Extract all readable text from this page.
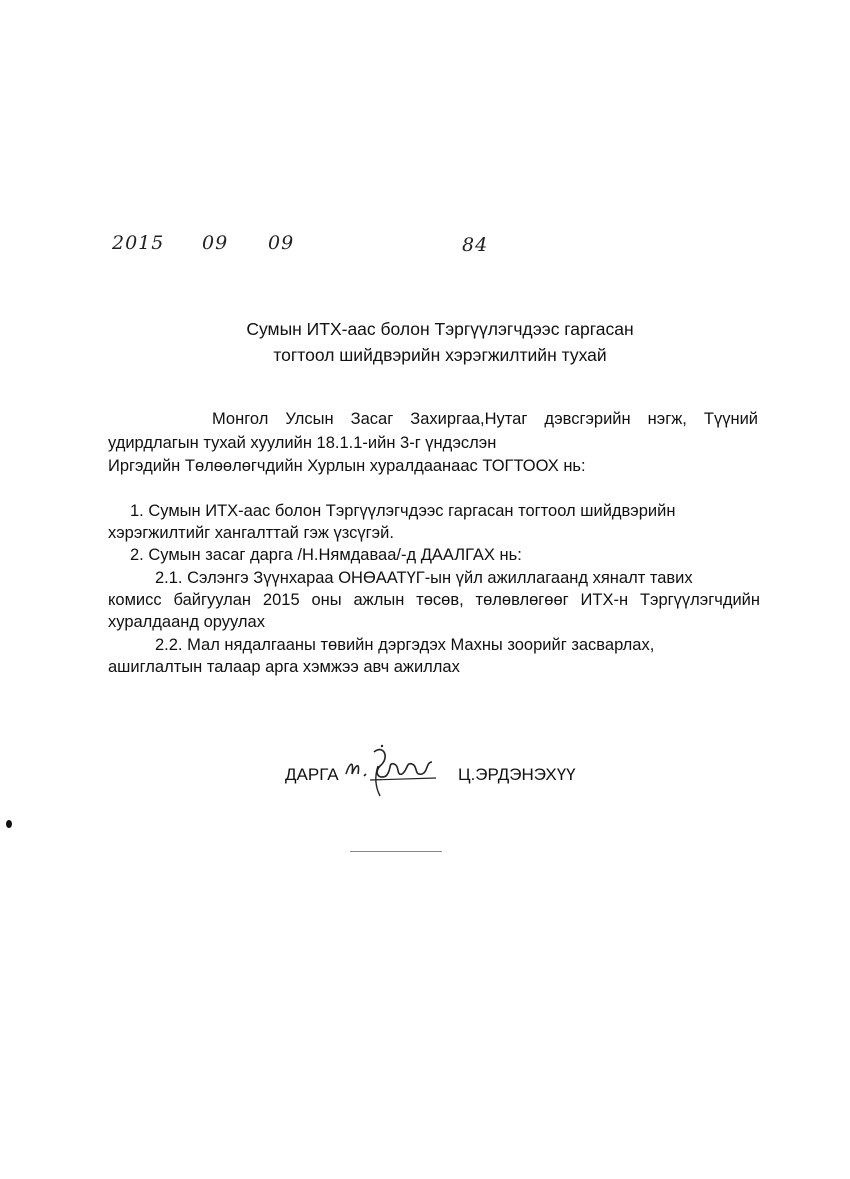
2015 09 09	84
Сумын ИТХ-аас болон Тэргүүлэгчдээс гаргасан
тогтоол шийдвэрийн хэрэгжилтийн тухай
Монгол Улсын Засаг Захиргаа,Нутаг дэвсгэрийн нэгж, Түүний
удирдлагын тухай хуулийн 18.1.1-ийн 3-г үндэслэн
Иргэдийн Төлөөлөгчдийн Хурлын хуралдаанаас ТОГТООХ нь:
1. Сумын ИТХ-аас болон Тэргүүлэгчдээс гаргасан тогтоол шийдвэрийн
хэрэгжилтийг хангалттай гэж үзсүгэй.
2. Сумын засаг дарга /Н.Нямдаваа/-д ДААЛГАХ нь:
2.1. Сэлэнгэ Зүүнхараа ОНӨААТҮГ-ын үйл ажиллагаанд хяналт тавих
комисс байгуулан 2015 оны ажлын төсөв, төлөвлөгөөг ИТХ-н Тэргүүлэгчдийн
хуралдаанд оруулах
2.2. Мал нядалгааны төвийн дэргэдэх Махны зоорийг засварлах,
ашиглалтын талаар арга хэмжээ авч ажиллах
ДАРГА	Ц.ЭРДЭНЭХҮҮ
